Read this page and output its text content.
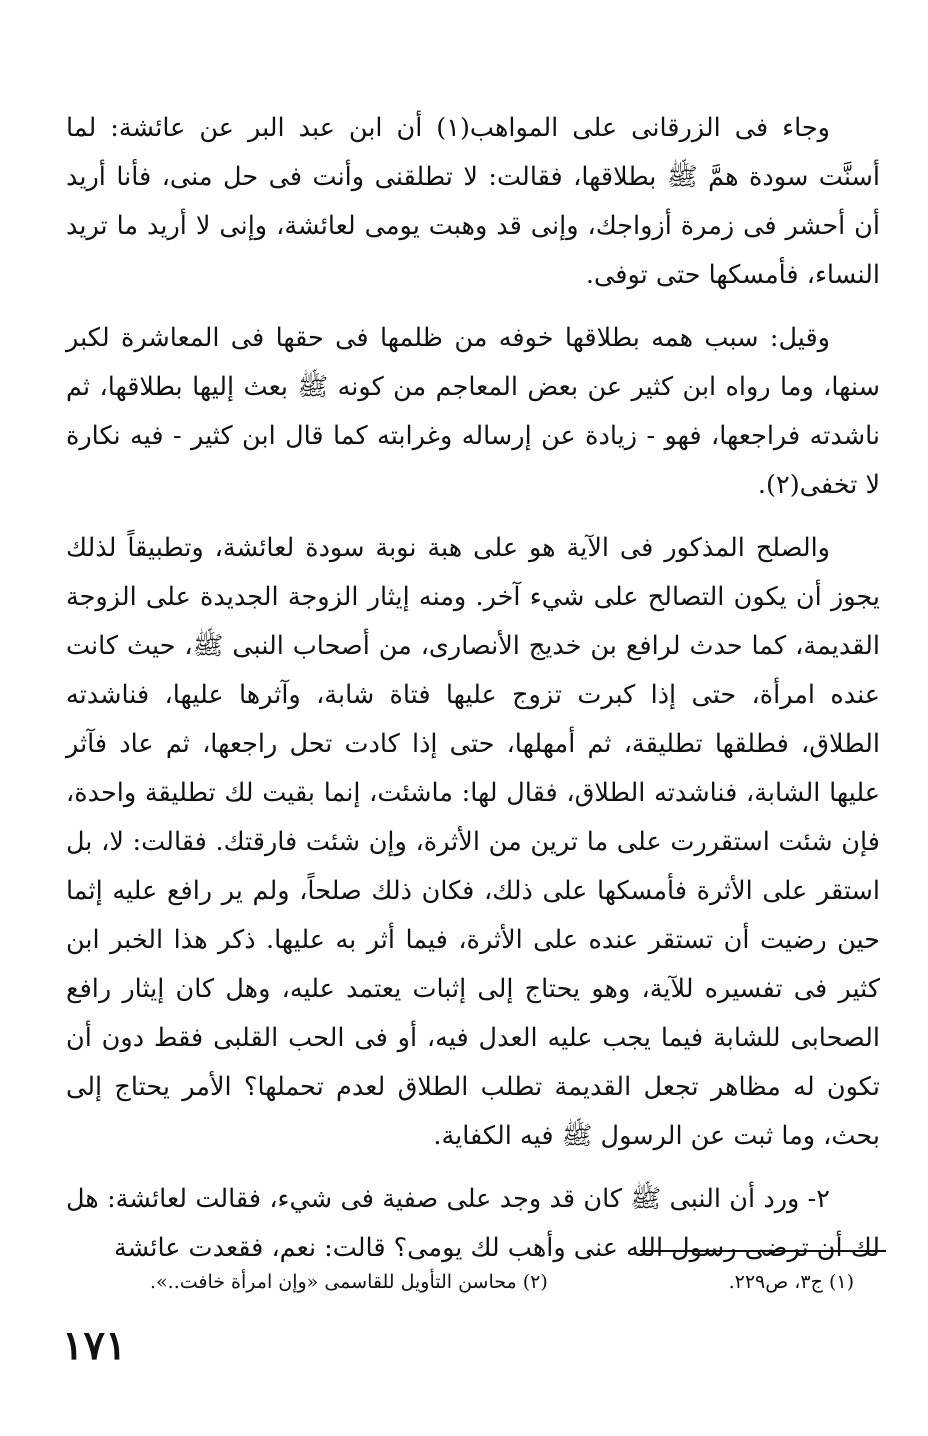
وجاء فى الزرقانى على المواهب(١) أن ابن عبد البر عن عائشة: لما أسنَّت سودة همَّ ﷺ بطلاقها، فقالت: لا تطلقنى وأنت فى حل منى، فأنا أريد أن أحشر فى زمرة أزواجك، وإنى قد وهبت يومى لعائشة، وإنى لا أريد ما تريد النساء، فأمسكها حتى توفى.

وقيل: سبب همه بطلاقها خوفه من ظلمها فى حقها فى المعاشرة لكبر سنها، وما رواه ابن كثير عن بعض المعاجم من كونه ﷺ بعث إليها بطلاقها، ثم ناشدته فراجعها، فهو - زيادة عن إرساله وغرابته كما قال ابن كثير - فيه نكارة لا تخفى(٢).

والصلح المذكور فى الآية هو على هبة نوبة سودة لعائشة، وتطبيقاً لذلك يجوز أن يكون التصالح على شيء آخر. ومنه إيثار الزوجة الجديدة على الزوجة القديمة، كما حدث لرافع بن خديج الأنصارى، من أصحاب النبى ﷺ، حيث كانت عنده امرأة، حتى إذا كبرت تزوج عليها فتاة شابة، وآثرها عليها، فناشدته الطلاق، فطلقها تطليقة، ثم أمهلها، حتى إذا كادت تحل راجعها، ثم عاد فآثر عليها الشابة، فناشدته الطلاق، فقال لها: ماشئت، إنما بقيت لك تطليقة واحدة، فإن شئت استقررت على ما ترين من الأثرة، وإن شئت فارقتك. فقالت: لا، بل استقر على الأثرة فأمسكها على ذلك، فكان ذلك صلحاً، ولم ير رافع عليه إثما حين رضيت أن تستقر عنده على الأثرة، فيما أثر به عليها. ذكر هذا الخبر ابن كثير فى تفسيره للآية، وهو يحتاج إلى إثبات يعتمد عليه، وهل كان إيثار رافع الصحابى للشابة فيما يجب عليه العدل فيه، أو فى الحب القلبى فقط دون أن تكون له مظاهر تجعل القديمة تطلب الطلاق لعدم تحملها؟ الأمر يحتاج إلى بحث، وما ثبت عن الرسول ﷺ فيه الكفاية.

٢- ورد أن النبى ﷺ كان قد وجد على صفية فى شيء، فقالت لعائشة: هل لك أن ترضى رسول الله عنى وأهب لك يومى؟ قالت: نعم، فقعدت عائشة

(١) ج٣، ص٢٢٩.
(٢) محاسن التأويل للقاسمى «وإن امرأة خافت..».
١٧١
